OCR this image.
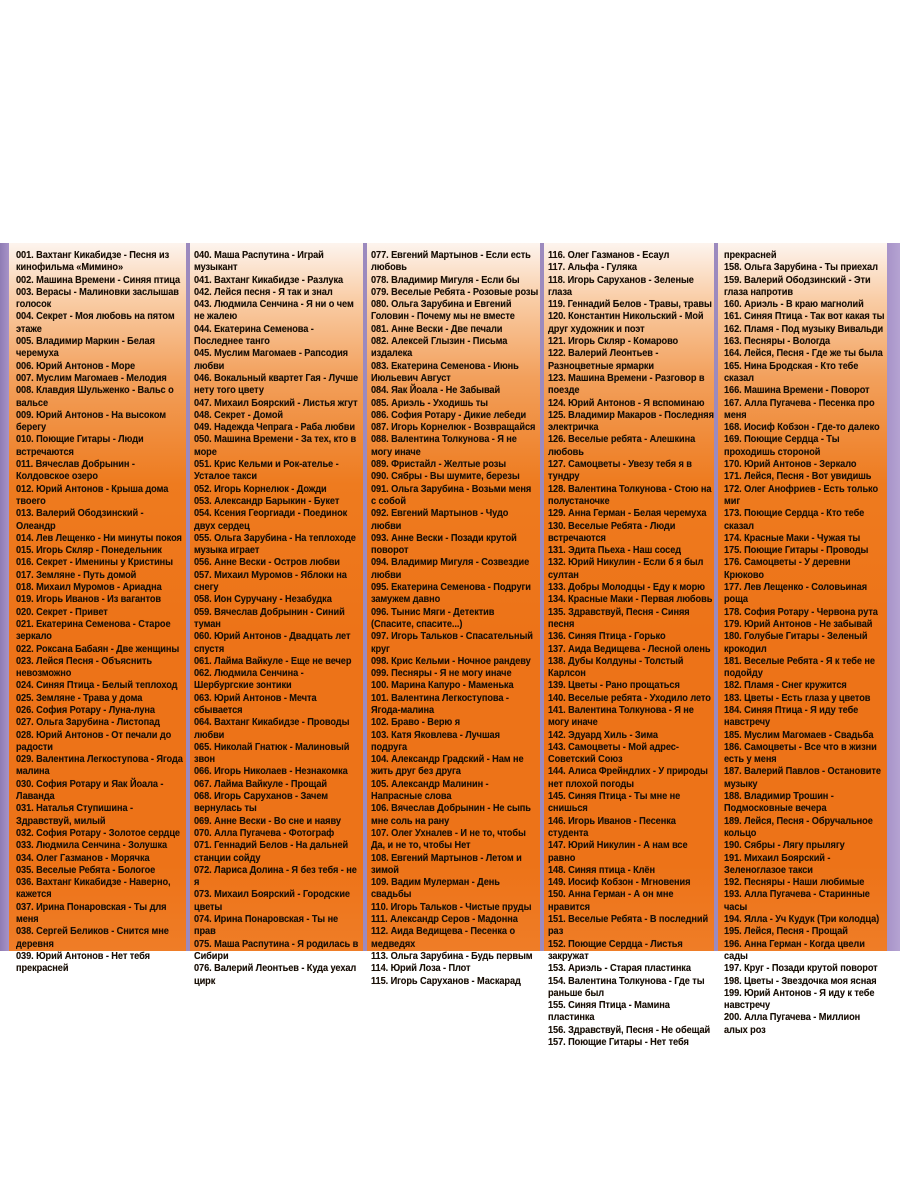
001. Вахтанг Кикабидзе - Песня из кинофильма «Мимино»
002. Машина Времени - Синяя птица
003. Верасы - Малиновки заслышав голосок
004. Секрет - Моя любовь на пятом этаже
005. Владимир Маркин - Белая черемуха
006. Юрий Антонов - Море
007. Муслим Магомаев - Мелодия
008. Клавдия Шульженко - Вальс о вальсе
009. Юрий Антонов - На высоком берегу
010. Поющие Гитары - Люди встречаются
011. Вячеслав Добрынин - Колдовское озеро
012. Юрий Антонов - Крыша дома твоего
013. Валерий Ободзинский - Олеандр
014. Лев Лещенко - Ни минуты покоя
015. Игорь Скляр - Понедельник
016. Секрет - Именины у Кристины
017. Земляне - Путь домой
018. Михаил Муромов - Ариадна
019. Игорь Иванов - Из вагантов
020. Секрет - Привет
021. Екатерина Семенова - Старое зеркало
022. Роксана Бабаян - Две женщины
023. Лейся Песня - Объяснить невозможно
024. Синяя Птица - Белый теплоход
025. Земляне - Трава у дома
026. София Ротару - Луна-луна
027. Ольга Зарубина - Листопад
028. Юрий Антонов - От печали до радости
029. Валентина Легкоступова - Ягода малина
030. София Ротару и Яак Йоала - Лаванда
031. Наталья Ступишина - Здравствуй, милый
032. София Ротару - Золотое сердце
033. Людмила Сенчина - Золушка
034. Олег Газманов - Морячка
035. Веселые Ребята - Бологое
036. Вахтанг Кикабидзе - Наверно, кажется
037. Ирина Понаровская - Ты для меня
038. Сергей Беликов - Снится мне деревня
039. Юрий Антонов - Нет тебя прекрасней
040. Маша Распутина - Играй музыкант
041. Вахтанг Кикабидзе - Разлука
042. Лейся песня - Я так и знал
043. Людмила Сенчина - Я ни о чем не жалею
044. Екатерина Семенова - Последнее танго
045. Муслим Магомаев - Рапсодия любви
046. Вокальный квартет Гая - Лучше нету того цвету
047. Михаил Боярский - Листья жгут
048. Секрет - Домой
049. Надежда Чепрага - Раба любви
050. Машина Времени - За тех, кто в море
051. Крис Кельми и Рок-ателье - Усталое такси
052. Игорь Корнелюк - Дожди
053. Александр Барыкин - Букет
054. Ксения Георгиади - Поединок двух сердец
055. Ольга Зарубина - На теплоходе музыка играет
056. Анне Вески - Остров любви
057. Михаил Муромов - Яблоки на снегу
058. Ион Суручану - Незабудка
059. Вячеслав Добрынин - Синий туман
060. Юрий Антонов - Двадцать лет спустя
061. Лайма Вайкуле - Еще не вечер
062. Людмила Сенчина - Шербургские зонтики
063. Юрий Антонов - Мечта сбывается
064. Вахтанг Кикабидзе - Проводы любви
065. Николай Гнатюк - Малиновый звон
066. Игорь Николаев - Незнакомка
067. Лайма Вайкуле - Прощай
068. Игорь Саруханов - Зачем вернулась ты
069. Анне Вески - Во сне и наяву
070. Алла Пугачева - Фотограф
071. Геннадий Белов - На дальней станции сойду
072. Лариса Долина - Я без тебя - не я
073. Михаил Боярский - Городские цветы
074. Ирина Понаровская - Ты не прав
075. Маша Распутина - Я родилась в Сибири
076. Валерий Леонтьев - Куда уехал цирк
077. Евгений Мартынов - Если есть любовь
078. Владимир Мигуля - Если бы
079. Веселые Ребята - Розовые розы
080. Ольга Зарубина и Евгений Головин - Почему мы не вместе
081. Анне Вески - Две печали
082. Алексей Глызин - Письма издалека
083. Екатерина Семенова - Июнь Июльевич Август
084. Яак Йоала - Не Забывай
085. Ариэль - Уходишь ты
086. София Ротару - Дикие лебеди
087. Игорь Корнелюк - Возвращайся
088. Валентина Толкунова - Я не могу иначе
089. Фристайл - Желтые розы
090. Сябры - Вы шумите, березы
091. Ольга Зарубина - Возьми меня с собой
092. Евгений Мартынов - Чудо любви
093. Анне Вески - Позади крутой поворот
094. Владимир Мигуля - Созвездие любви
095. Екатерина Семенова - Подруги замужем давно
096. Тынис Мяги - Детектив (Спасите, спасите...)
097. Игорь Тальков - Спасательный круг
098. Крис Кельми - Ночное рандеву
099. Песняры - Я не могу иначе
100. Марина Капуро - Маменька
101. Валентина Легкоступова - Ягода-малина
102. Браво - Верю я
103. Катя Яковлева - Лучшая подруга
104. Александр Градский - Нам не жить друг без друга
105. Александр Малинин - Напрасные слова
106. Вячеслав Добрынин - Не сыпь мне соль на рану
107. Олег Ухналев - И не то, чтобы Да, и не то, чтобы Нет
108. Евгений Мартынов - Летом и зимой
109. Вадим Мулерман - День свадьбы
110. Игорь Тальков - Чистые пруды
111. Александр Серов - Мадонна
112. Аида Ведищева - Песенка о медведях
113. Ольга Зарубина - Будь первым
114. Юрий Лоза - Плот
115. Игорь Саруханов - Маскарад
116. Олег Газманов - Есаул
117. Альфа - Гуляка
118. Игорь Саруханов - Зеленые глаза
119. Геннадий Белов - Травы, травы
120. Константин Никольский - Мой друг художник и поэт
121. Игорь Скляр - Комарово
122. Валерий Леонтьев - Разноцветные ярмарки
123. Машина Времени - Разговор в поезде
124. Юрий Антонов - Я вспоминаю
125. Владимир Макаров - Последняя электричка
126. Веселые ребята - Алешкина любовь
127. Самоцветы - Увезу тебя я в тундру
128. Валентина Толкунова - Стою на полустаночке
129. Анна Герман - Белая черемуха
130. Веселые Ребята - Люди встречаются
131. Эдита Пьеха - Наш сосед
132. Юрий Никулин - Если б я был султан
133. Добры Молодцы - Еду к морю
134. Красные Маки - Первая любовь
135. Здравствуй, Песня - Синяя песня
136. Синяя Птица - Горько
137. Аида Ведищева - Лесной олень
138. Дубы Колдуны - Толстый Карлсон
139. Цветы - Рано прощаться
140. Веселые ребята - Уходило лето
141. Валентина Толкунова - Я не могу иначе
142. Эдуард Хиль - Зима
143. Самоцветы - Мой адрес-Советский Союз
144. Алиса Фрейндлих - У природы нет плохой погоды
145. Синяя Птица - Ты мне не снишься
146. Игорь Иванов - Песенка студента
147. Юрий Никулин - А нам все равно
148. Синяя птица - Клён
149. Иосиф Кобзон - Мгновения
150. Анна Герман - А он мне нравится
151. Веселые Ребята - В последний раз
152. Поющие Сердца - Листья закружат
153. Ариэль - Старая пластинка
154. Валентина Толкунова - Где ты раньше был
155. Синяя Птица - Мамина пластинка
156. Здравствуй, Песня - Не обещай
157. Поющие Гитары - Нет тебя
прекрасней
158. Ольга Зарубина - Ты приехал
159. Валерий Ободзинский - Эти глаза напротив
160. Ариэль - В краю магнолий
161. Синяя Птица - Так вот какая ты
162. Пламя - Под музыку Вивальди
163. Песняры - Вологда
164. Лейся, Песня - Где же ты была
165. Нина Бродская - Кто тебе сказал
166. Машина Времени - Поворот
167. Алла Пугачева - Песенка про меня
168. Иосиф Кобзон - Где-то далеко
169. Поющие Сердца - Ты проходишь стороной
170. Юрий Антонов - Зеркало
171. Лейся, Песня - Вот увидишь
172. Олег Анофриев - Есть только миг
173. Поющие Сердца - Кто тебе сказал
174. Красные Маки - Чужая ты
175. Поющие Гитары - Проводы
176. Самоцветы - У деревни Крюково
177. Лев Лещенко - Соловьиная роща
178. София Ротару - Червона рута
179. Юрий Антонов - Не забывай
180. Голубые Гитары - Зеленый крокодил
181. Веселые Ребята - Я к тебе не подойду
182. Пламя - Снег кружится
183. Цветы - Есть глаза у цветов
184. Синяя Птица - Я иду тебе навстречу
185. Муслим Магомаев - Свадьба
186. Самоцветы - Все что в жизни есть у меня
187. Валерий Павлов - Остановите музыку
188. Владимир Трошин - Подмосковные вечера
189. Лейся, Песня - Обручальное кольцо
190. Сябры - Лягу прылягу
191. Михаил Боярский - Зеленоглазое такси
192. Песняры - Наши любимые
193. Алла Пугачева - Старинные часы
194. Ялла - Уч Кудук (Три колодца)
195. Лейся, Песня - Прощай
196. Анна Герман - Когда цвели сады
197. Круг - Позади крутой поворот
198. Цветы - Звездочка моя ясная
199. Юрий Антонов - Я иду к тебе навстречу
200. Алла Пугачева - Миллион алых роз
